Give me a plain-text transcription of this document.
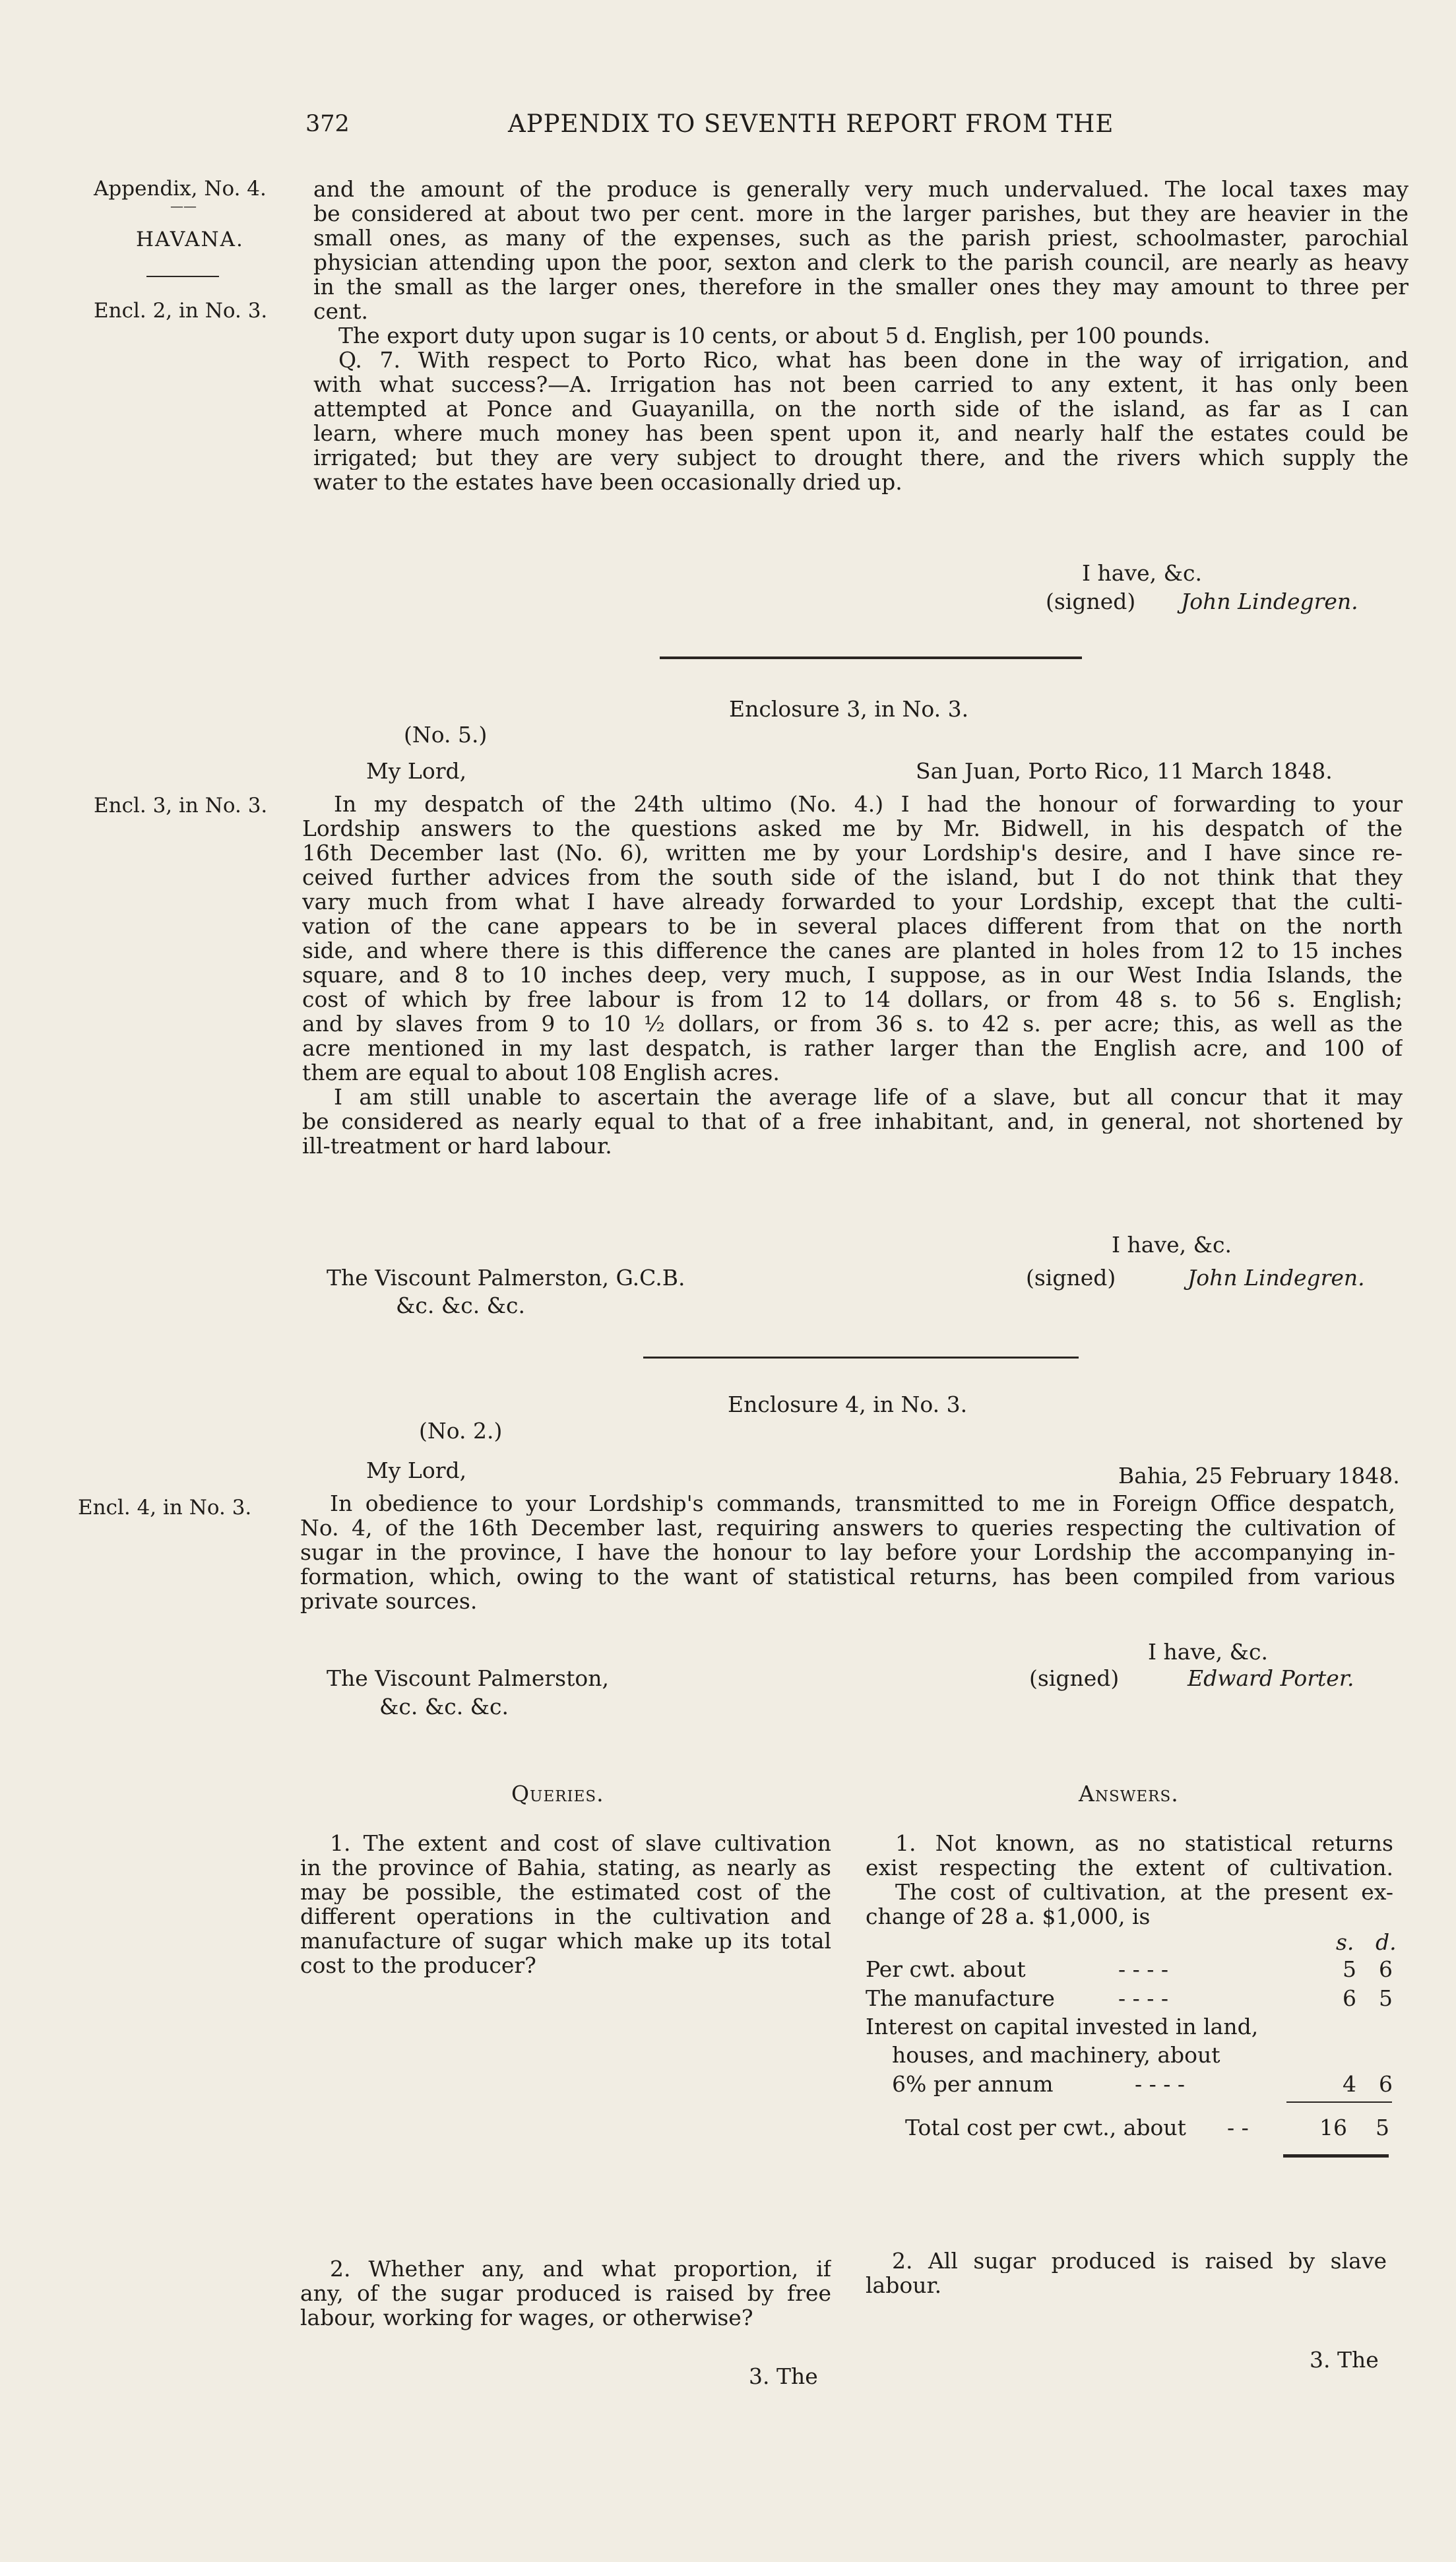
372	APPENDIX TO SEVENTH REPORT FROM THE
Appendix, No. 4.
——
HAVANA.
Encl. 2, in No. 3.
Encl. 3, in No. 3.
Encl. 4, in No. 3.
and the amount of the produce is generally very much undervalued. The local taxes may
be considered at about two per cent. more in the larger parishes, but they are heavier in the
small ones, as many of the expenses, such as the parish priest, schoolmaster, parochial
physician attending upon the poor, sexton and clerk to the parish council, are nearly as heavy
in the small as the larger ones, therefore in the smaller ones they may amount to three per
cent.
The export duty upon sugar is 10 cents, or about 5 d. English, per 100 pounds.
Q. 7. With respect to Porto Rico, what has been done in the way of irrigation, and
with what success?—A. Irrigation has not been carried to any extent, it has only been
attempted at Ponce and Guayanilla, on the north side of the island, as far as I can
learn, where much money has been spent upon it, and nearly half the estates could be
irrigated; but they are very subject to drought there, and the rivers which supply the
water to the estates have been occasionally dried up.
I have, &c.
(signed) John Lindegren.
Enclosure 3, in No. 3.
(No. 5.)
My Lord,	San Juan, Porto Rico, 11 March 1848.
In my despatch of the 24th ultimo (No. 4.) I had the honour of forwarding to your
Lordship answers to the questions asked me by Mr. Bidwell, in his despatch of the
16th December last (No. 6), written me by your Lordship's desire, and I have since re-
ceived further advices from the south side of the island, but I do not think that they
vary much from what I have already forwarded to your Lordship, except that the culti-
vation of the cane appears to be in several places different from that on the north
side, and where there is this difference the canes are planted in holes from 12 to 15 inches
square, and 8 to 10 inches deep, very much, I suppose, as in our West India Islands, the
cost of which by free labour is from 12 to 14 dollars, or from 48 s. to 56 s. English;
and by slaves from 9 to 10 ½ dollars, or from 36 s. to 42 s. per acre; this, as well as the
acre mentioned in my last despatch, is rather larger than the English acre, and 100 of
them are equal to about 108 English acres.
I am still unable to ascertain the average life of a slave, but all concur that it may
be considered as nearly equal to that of a free inhabitant, and, in general, not shortened by
ill-treatment or hard labour.
I have, &c.
The Viscount Palmerston, G.C.B.	(signed)	John Lindegren.
&c. &c. &c.
Enclosure 4, in No. 3.
(No. 2.)
My Lord,	Bahia, 25 February 1848.
In obedience to your Lordship's commands, transmitted to me in Foreign Office despatch,
No. 4, of the 16th December last, requiring answers to queries respecting the cultivation of
sugar in the province, I have the honour to lay before your Lordship the accompanying in-
formation, which, owing to the want of statistical returns, has been compiled from various
private sources.
I have, &c.
The Viscount Palmerston,	(signed)	Edward Porter.
&c. &c. &c.
Queries.	Answers.
1. The extent and cost of slave cultivation
in the province of Bahia, stating, as nearly as
may be possible, the estimated cost of the
different operations in the cultivation and
manufacture of sugar which make up its total
cost to the producer?
1. Not known, as no statistical returns
exist respecting the extent of cultivation.
The cost of cultivation, at the present ex-
change of 28 a. $1,000, is
s. d.
Per cwt. about	- - - -	5 6
The manufacture	- - - -	6 5
Interest on capital invested in land,
houses, and machinery, about
6% per annum	- - - -	4 6
Total cost per cwt., about - -	16 5
2. Whether any, and what proportion, if
any, of the sugar produced is raised by free
labour, working for wages, or otherwise?
2. All sugar produced is raised by slave
labour.
3. The
3. The
